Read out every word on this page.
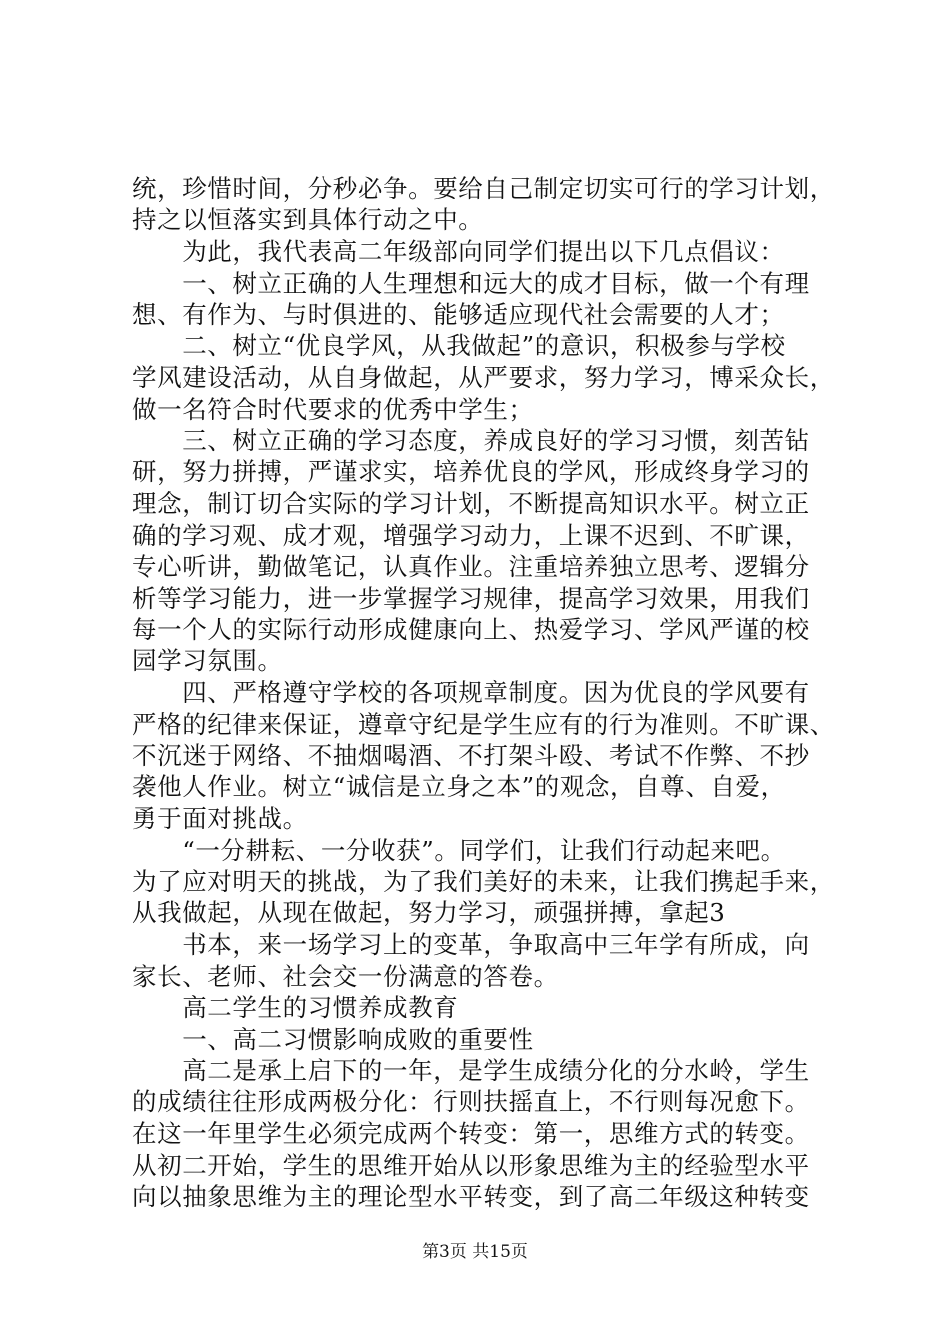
统，珍惜时间，分秒必争。要给自己制定切实可行的学习计划，
持之以恒落实到具体行动之中。
　　为此，我代表高二年级部向同学们提出以下几点倡议：
　　一、树立正确的人生理想和远大的成才目标，做一个有理
想、有作为、与时俱进的、能够适应现代社会需要的人才；
　　二、树立“优良学风，从我做起”的意识，积极参与学校
学风建设活动，从自身做起，从严要求，努力学习，博采众长，
做一名符合时代要求的优秀中学生；
　　三、树立正确的学习态度，养成良好的学习习惯，刻苦钻
研，努力拼搏，严谨求实，培养优良的学风，形成终身学习的
理念，制订切合实际的学习计划，不断提高知识水平。树立正
确的学习观、成才观，增强学习动力，上课不迟到、不旷课，
专心听讲，勤做笔记，认真作业。注重培养独立思考、逻辑分
析等学习能力，进一步掌握学习规律，提高学习效果，用我们
每一个人的实际行动形成健康向上、热爱学习、学风严谨的校
园学习氛围。
　　四、严格遵守学校的各项规章制度。因为优良的学风要有
严格的纪律来保证，遵章守纪是学生应有的行为准则。不旷课、
不沉迷于网络、不抽烟喝酒、不打架斗殴、考试不作弊、不抄
袭他人作业。树立“诚信是立身之本”的观念，自尊、自爱，
勇于面对挑战。
　　“一分耕耘、一分收获”。同学们，让我们行动起来吧。
为了应对明天的挑战，为了我们美好的未来，让我们携起手来，
从我做起，从现在做起，努力学习，顽强拼搏，拿起3
　　书本，来一场学习上的变革，争取高中三年学有所成，向
家长、老师、社会交一份满意的答卷。
　　高二学生的习惯养成教育
　　一、高二习惯影响成败的重要性
　　高二是承上启下的一年，是学生成绩分化的分水岭，学生
的成绩往往形成两极分化：行则扶摇直上，不行则每况愈下。
在这一年里学生必须完成两个转变：第一，思维方式的转变。
从初二开始，学生的思维开始从以形象思维为主的经验型水平
向以抽象思维为主的理论型水平转变，到了高二年级这种转变
第3页 共15页
